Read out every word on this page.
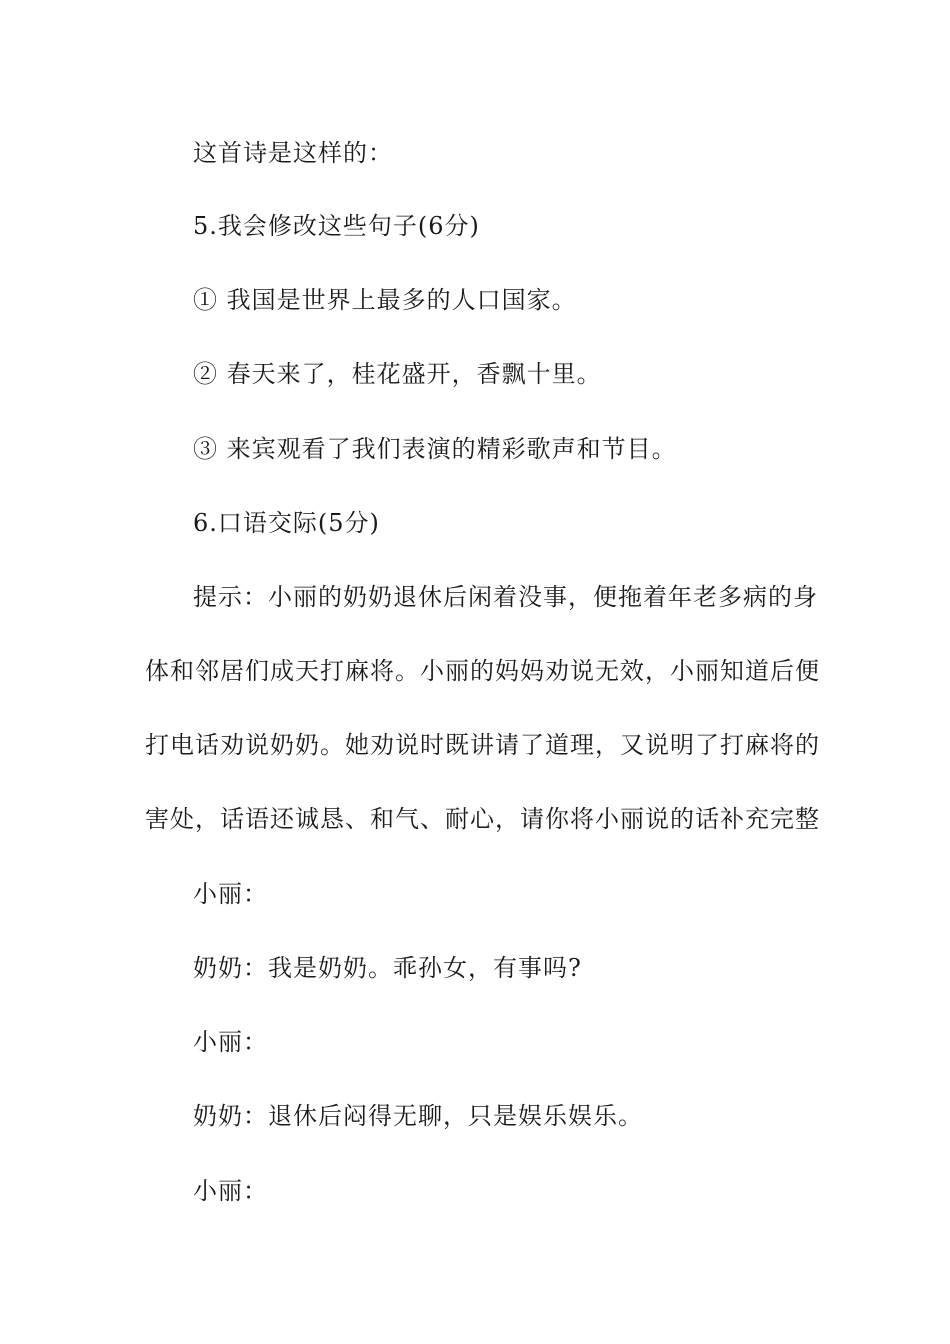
这首诗是这样的：
5.我会修改这些句子(6分)
① 我国是世界上最多的人口国家。
② 春天来了，桂花盛开，香飘十里。
③ 来宾观看了我们表演的精彩歌声和节目。
6.口语交际(5分)
提示：小丽的奶奶退休后闲着没事，便拖着年老多病的身
体和邻居们成天打麻将。小丽的妈妈劝说无效，小丽知道后便
打电话劝说奶奶。她劝说时既讲请了道理，又说明了打麻将的
害处，话语还诚恳、和气、耐心，请你将小丽说的话补充完整
小丽：
奶奶：我是奶奶。乖孙女，有事吗?
小丽：
奶奶：退休后闷得无聊，只是娱乐娱乐。
小丽：
